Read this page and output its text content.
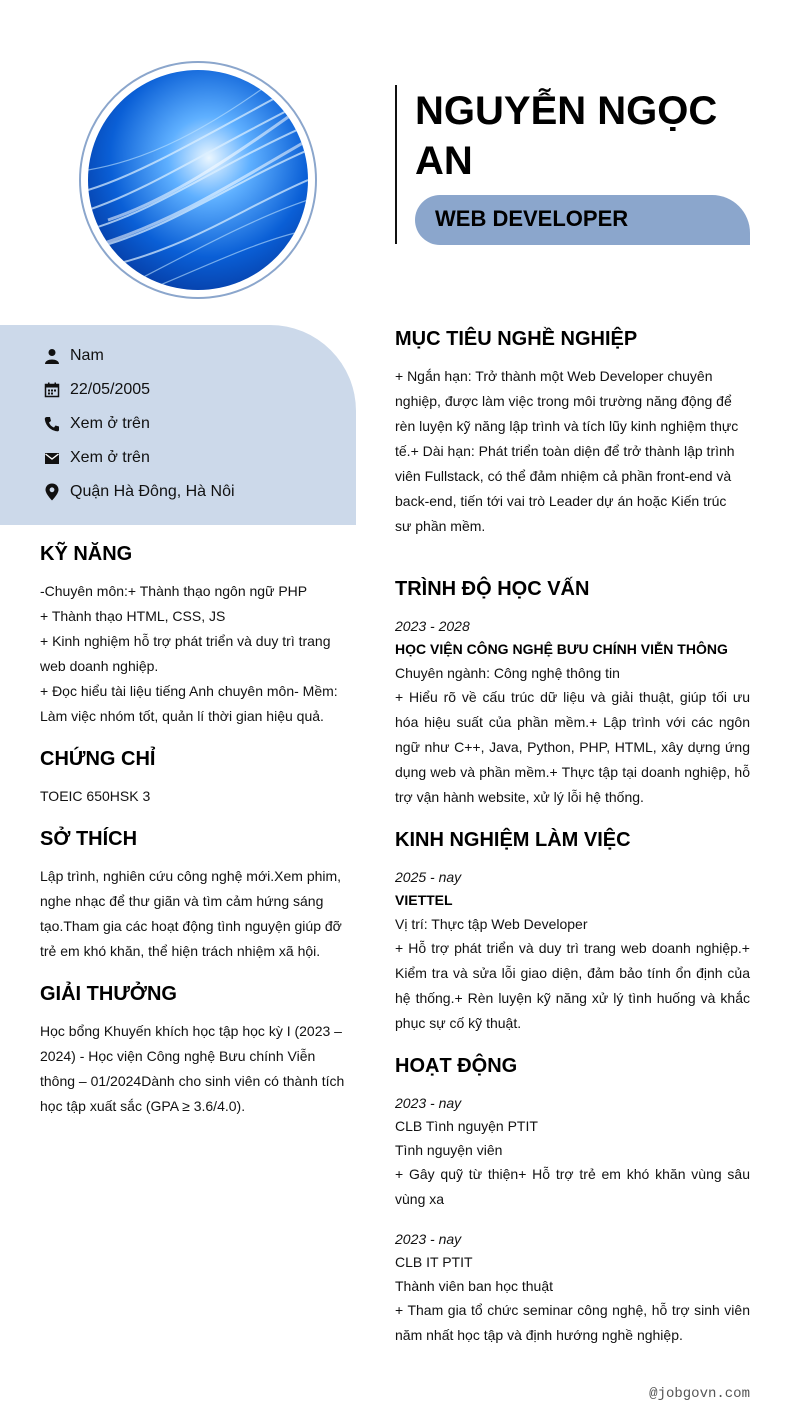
NGUYỄN NGỌC
AN
WEB DEVELOPER
Nam
22/05/2005
Xem ở trên
Xem ở trên
Quận Hà Đông, Hà Nôi
KỸ NĂNG
-Chuyên môn:+ Thành thạo ngôn ngữ PHP
+ Thành thạo HTML, CSS, JS
+ Kinh nghiệm hỗ trợ phát triển và duy trì trang web doanh nghiệp.
+ Đọc hiểu tài liệu tiếng Anh chuyên môn- Mềm: Làm việc nhóm tốt, quản lí thời gian hiệu quả.
CHỨNG CHỈ
TOEIC 650HSK 3
SỞ THÍCH
Lập trình, nghiên cứu công nghệ mới.Xem phim, nghe nhạc để thư giãn và tìm cảm hứng sáng tạo.Tham gia các hoạt động tình nguyện giúp đỡ trẻ em khó khăn, thể hiện trách nhiệm xã hội.
GIẢI THƯỞNG
Học bổng Khuyến khích học tập học kỳ I (2023 – 2024) - Học viện Công nghệ Bưu chính Viễn thông – 01/2024Dành cho sinh viên có thành tích học tập xuất sắc (GPA ≥ 3.6/4.0).
MỤC TIÊU NGHỀ NGHIỆP
+ Ngắn hạn: Trở thành một Web Developer chuyên nghiệp, được làm việc trong môi trường năng động để rèn luyện kỹ năng lập trình và tích lũy kinh nghiệm thực tế.+ Dài hạn: Phát triển toàn diện để trở thành lập trình viên Fullstack, có thể đảm nhiệm cả phần front-end và back-end, tiến tới vai trò Leader dự án hoặc Kiến trúc sư phần mềm.
TRÌNH ĐỘ HỌC VẤN
2023 - 2028
HỌC VIỆN CÔNG NGHỆ BƯU CHÍNH VIỄN THÔNG
Chuyên ngành: Công nghệ thông tin
+ Hiểu rõ về cấu trúc dữ liệu và giải thuật, giúp tối ưu hóa hiệu suất của phần mềm.+ Lập trình với các ngôn ngữ như C++, Java, Python, PHP, HTML, xây dựng ứng dụng web và phần mềm.+ Thực tập tại doanh nghiệp, hỗ trợ vận hành website, xử lý lỗi hệ thống.
KINH NGHIỆM LÀM VIỆC
2025 - nay
VIETTEL
Vị trí: Thực tập Web Developer
+ Hỗ trợ phát triển và duy trì trang web doanh nghiệp.+ Kiểm tra và sửa lỗi giao diện, đảm bảo tính ổn định của hệ thống.+ Rèn luyện kỹ năng xử lý tình huống và khắc phục sự cố kỹ thuật.
HOẠT ĐỘNG
2023 - nay
CLB Tình nguyện PTIT
Tình nguyện viên
+ Gây quỹ từ thiện+ Hỗ trợ trẻ em khó khăn vùng sâu vùng xa
2023 - nay
CLB IT PTIT
Thành viên ban học thuật
+ Tham gia tổ chức seminar công nghệ, hỗ trợ sinh viên năm nhất học tập và định hướng nghề nghiệp.
@jobgovn.com
